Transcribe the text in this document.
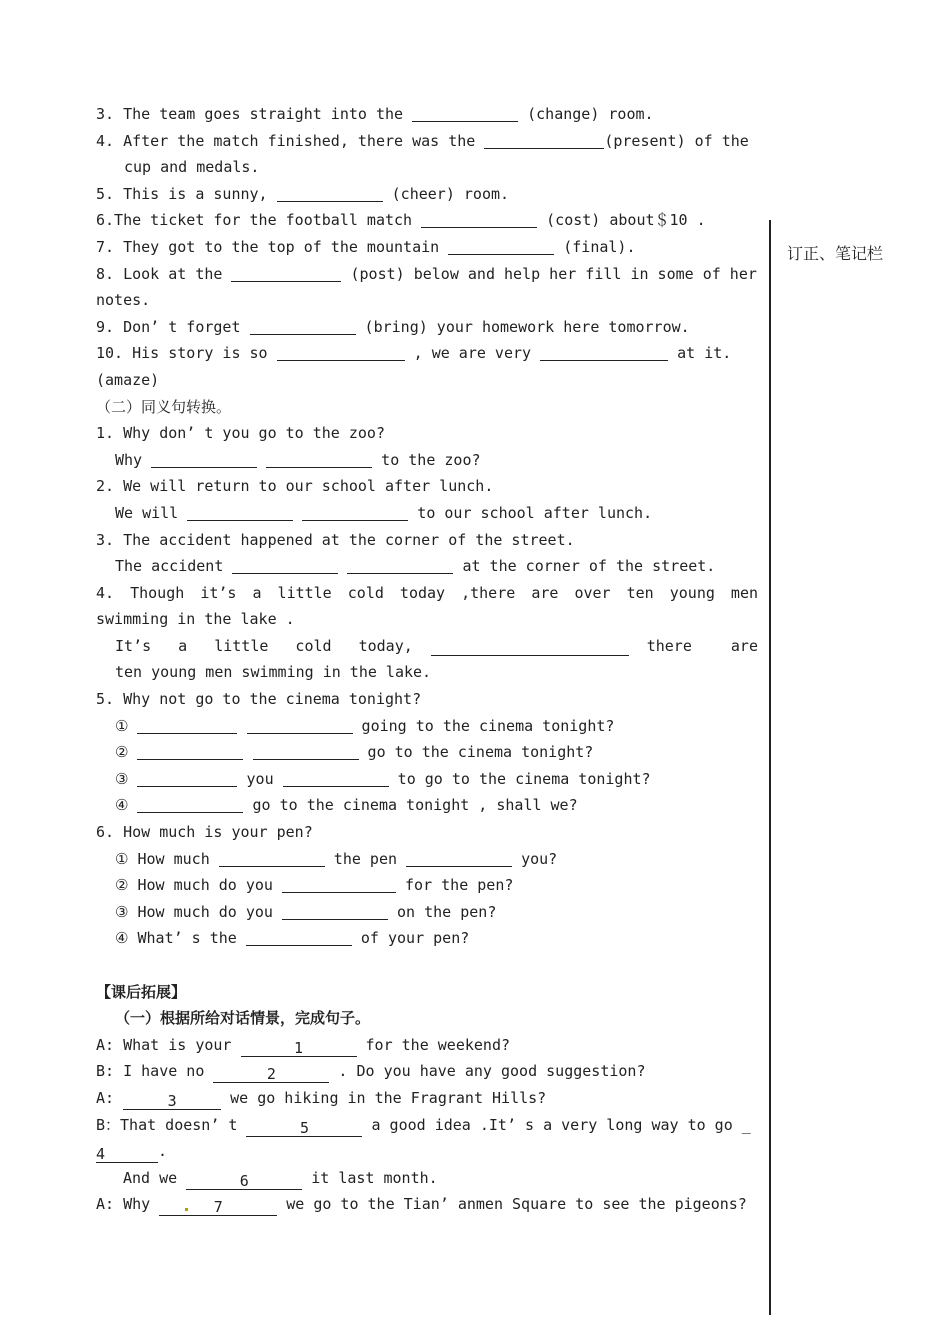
订正、笔记栏
3. The team goes straight into the	(change) room.
4. After the match finished, there was the	(present) of the
cup and medals.
5. This is a sunny,	(cheer) room.
6.The ticket for the football match	(cost) about＄10 .
7. They got to the top of the mountain	(final).
8. Look at the	(post) below and help her fill in some of her
notes.
9. Don’ t forget	(bring) your homework here tomorrow.
10. His story is so	, we are very	at it.
(amaze)
（二）同义句转换。
1. Why don’ t you go to the zoo?
Why	to the zoo?
2. We will return to our school after lunch.
We will	to our school after lunch.
3. The accident happened at the corner of the street.
The accident	at the corner of the street.
4. Though it’s a little cold today ,there are over ten young men
swimming in the lake .
It’s a little cold today,	there are
ten young men swimming in the lake.
5. Why not go to the cinema tonight?
①	going to the cinema tonight?
②	go to the cinema tonight?
③	you	to go to the cinema tonight?
④	go to the cinema tonight , shall we?
6. How much is your pen?
① How much	the pen	you?
② How much do you	for the pen?
③ How much do you	on the pen?
④ What’ s the	of your pen?
【课后拓展】
（一）根据所给对话情景，完成句子。
A: What is your	1	for the weekend?
B: I have no	2	. Do you have any good suggestion?
A:	3	we go hiking in the Fragrant Hills?
B：That doesn’ t	5	a good idea .It’ s a very long way to go _
4	.
And we	6	it last month.
A: Why	7	we go to the Tian’ anmen Square to see the pigeons?
